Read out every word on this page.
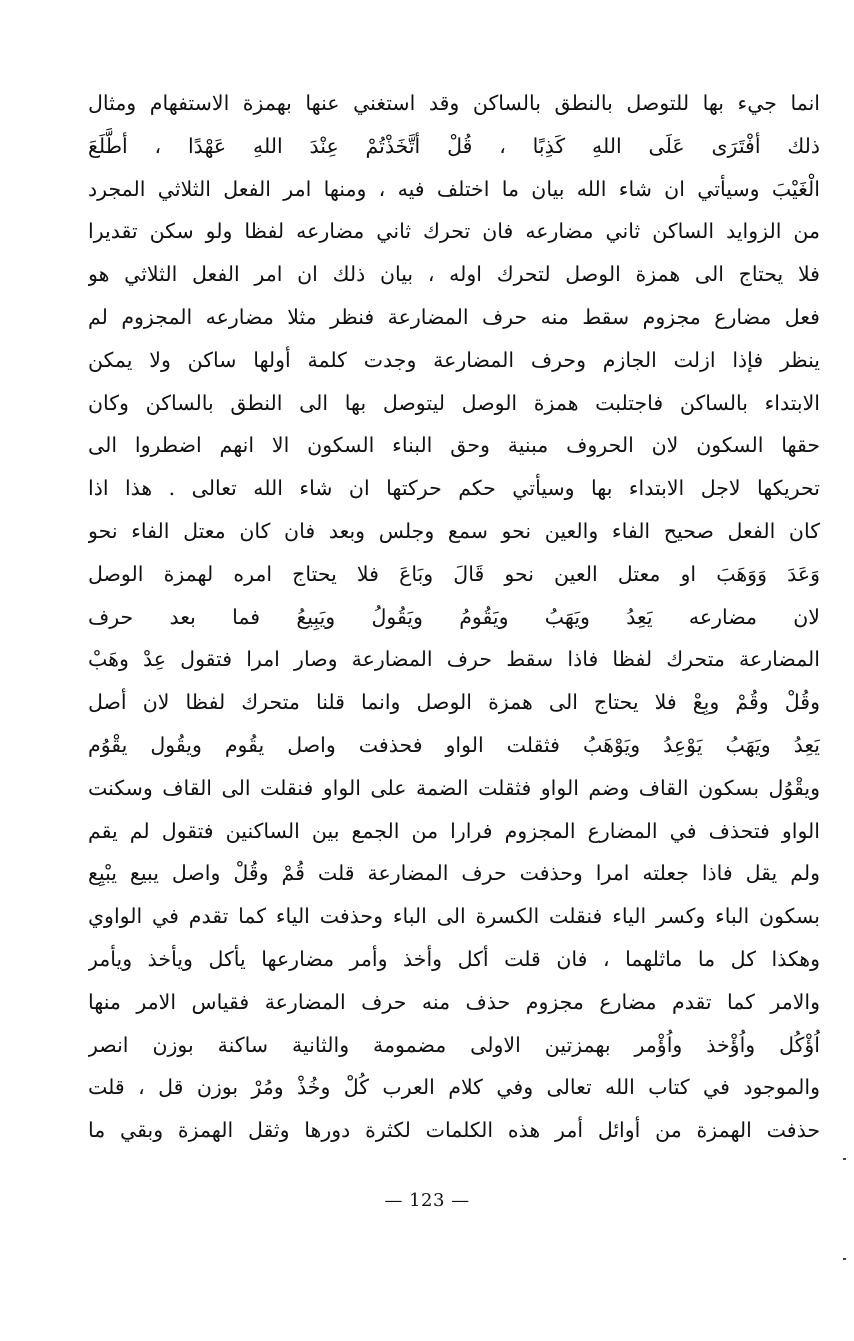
انما جيء بها للتوصل بالنطق بالساكن وقد استغني عنها بهمزة الاستفهام ومثال
ذلك أفْتَرَى عَلَى اللهِ كَذِبًا ، قُلْ أتَّخَذْتُمْ عِنْدَ اللهِ عَهْدًا ، أطَّلَعَ
الْغَيْبَ وسيأتي ان شاء الله بيان ما اختلف فيه ، ومنها امر الفعل الثلاثي المجرد
من الزوايد الساكن ثاني مضارعه فان تحرك ثاني مضارعه لفظا ولو سكن تقديرا
فلا يحتاج الى همزة الوصل لتحرك اوله ، بيان ذلك ان امر الفعل الثلاثي هو
فعل مضارع مجزوم سقط منه حرف المضارعة فنظر مثلا مضارعه المجزوم لم
ينظر فإذا ازلت الجازم وحرف المضارعة وجدت كلمة أولها ساكن ولا يمكن
الابتداء بالساكن فاجتلبت همزة الوصل ليتوصل بها الى النطق بالساكن وكان
حقها السكون لان الحروف مبنية وحق البناء السكون الا انهم اضطروا الى
تحريكها لاجل الابتداء بها وسيأتي حكم حركتها ان شاء الله تعالى . هذا اذا
كان الفعل صحيح الفاء والعين نحو سمع وجلس وبعد فان كان معتل الفاء نحو
وَعَدَ وَوَهَبَ او معتل العين نحو قَالَ وبَاعَ فلا يحتاج امره لهمزة الوصل
لان مضارعه يَعِدُ ويَهَبُ ويَقُومُ ويَقُولُ ويَبِيعُ فما بعد حرف
المضارعة متحرك لفظا فاذا سقط حرف المضارعة وصار امرا فتقول عِدْ وهَبْ
وقُلْ وقُمْ وبِعْ فلا يحتاج الى همزة الوصل وانما قلنا متحرك لفظا لان أصل
يَعِدُ ويَهَبُ يَوْعِدُ ويَوْهَبُ فثقلت الواو فحذفت واصل يقُوم ويقُول يقْوُم
ويقْوُل بسكون القاف وضم الواو فثقلت الضمة على الواو فنقلت الى القاف وسكنت
الواو فتحذف في المضارع المجزوم فرارا من الجمع بين الساكنين فتقول لم يقم
ولم يقل فاذا جعلته امرا وحذفت حرف المضارعة قلت قُمْ وقُلْ واصل يبيع يبْيِع
بسكون الباء وكسر الياء فنقلت الكسرة الى الباء وحذفت الياء كما تقدم في الواوي
وهكذا كل ما ماثلهما ، فان قلت أكل وأخذ وأمر مضارعها يأكل ويأخذ ويأمر
والامر كما تقدم مضارع مجزوم حذف منه حرف المضارعة فقياس الامر منها
اُؤْكُل واُؤْخذ واُؤْمر بهمزتين الاولى مضمومة والثانية ساكنة بوزن انصر
والموجود في كتاب الله تعالى وفي كلام العرب كُلْ وخُذْ ومُرْ بوزن قل ، قلت
حذفت الهمزة من أوائل أمر هذه الكلمات لكثرة دورها وثقل الهمزة وبقي ما
— 123 —
